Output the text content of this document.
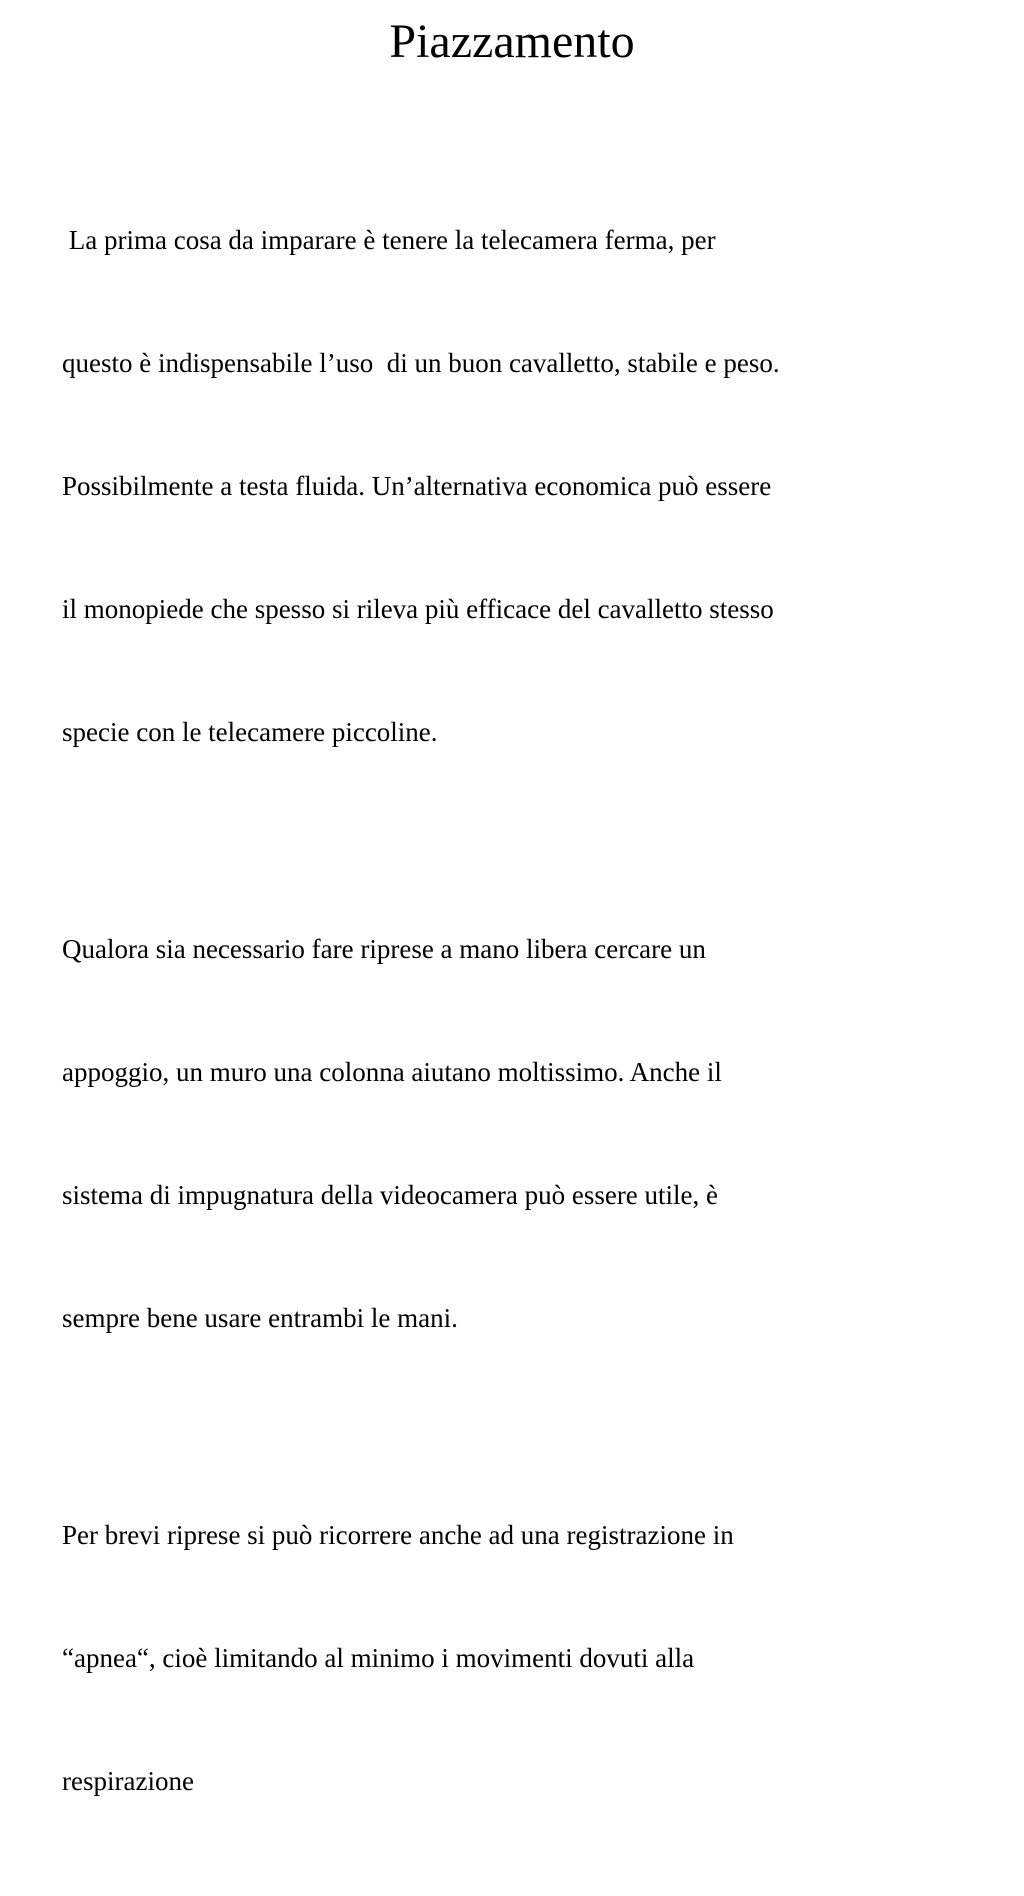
Piazzamento

La prima cosa da imparare è tenere la telecamera ferma, per

questo è indispensabile l’uso  di un buon cavalletto, stabile e peso.

Possibilmente a testa fluida. Un’alternativa economica può essere

il monopiede che spesso si rileva più efficace del cavalletto stesso

specie con le telecamere piccoline.

Qualora sia necessario fare riprese a mano libera cercare un

appoggio, un muro una colonna aiutano moltissimo. Anche il

sistema di impugnatura della videocamera può essere utile, è

sempre bene usare entrambi le mani.

Per brevi riprese si può ricorrere anche ad una registrazione in

“apnea“, cioè limitando al minimo i movimenti dovuti alla

respirazione
